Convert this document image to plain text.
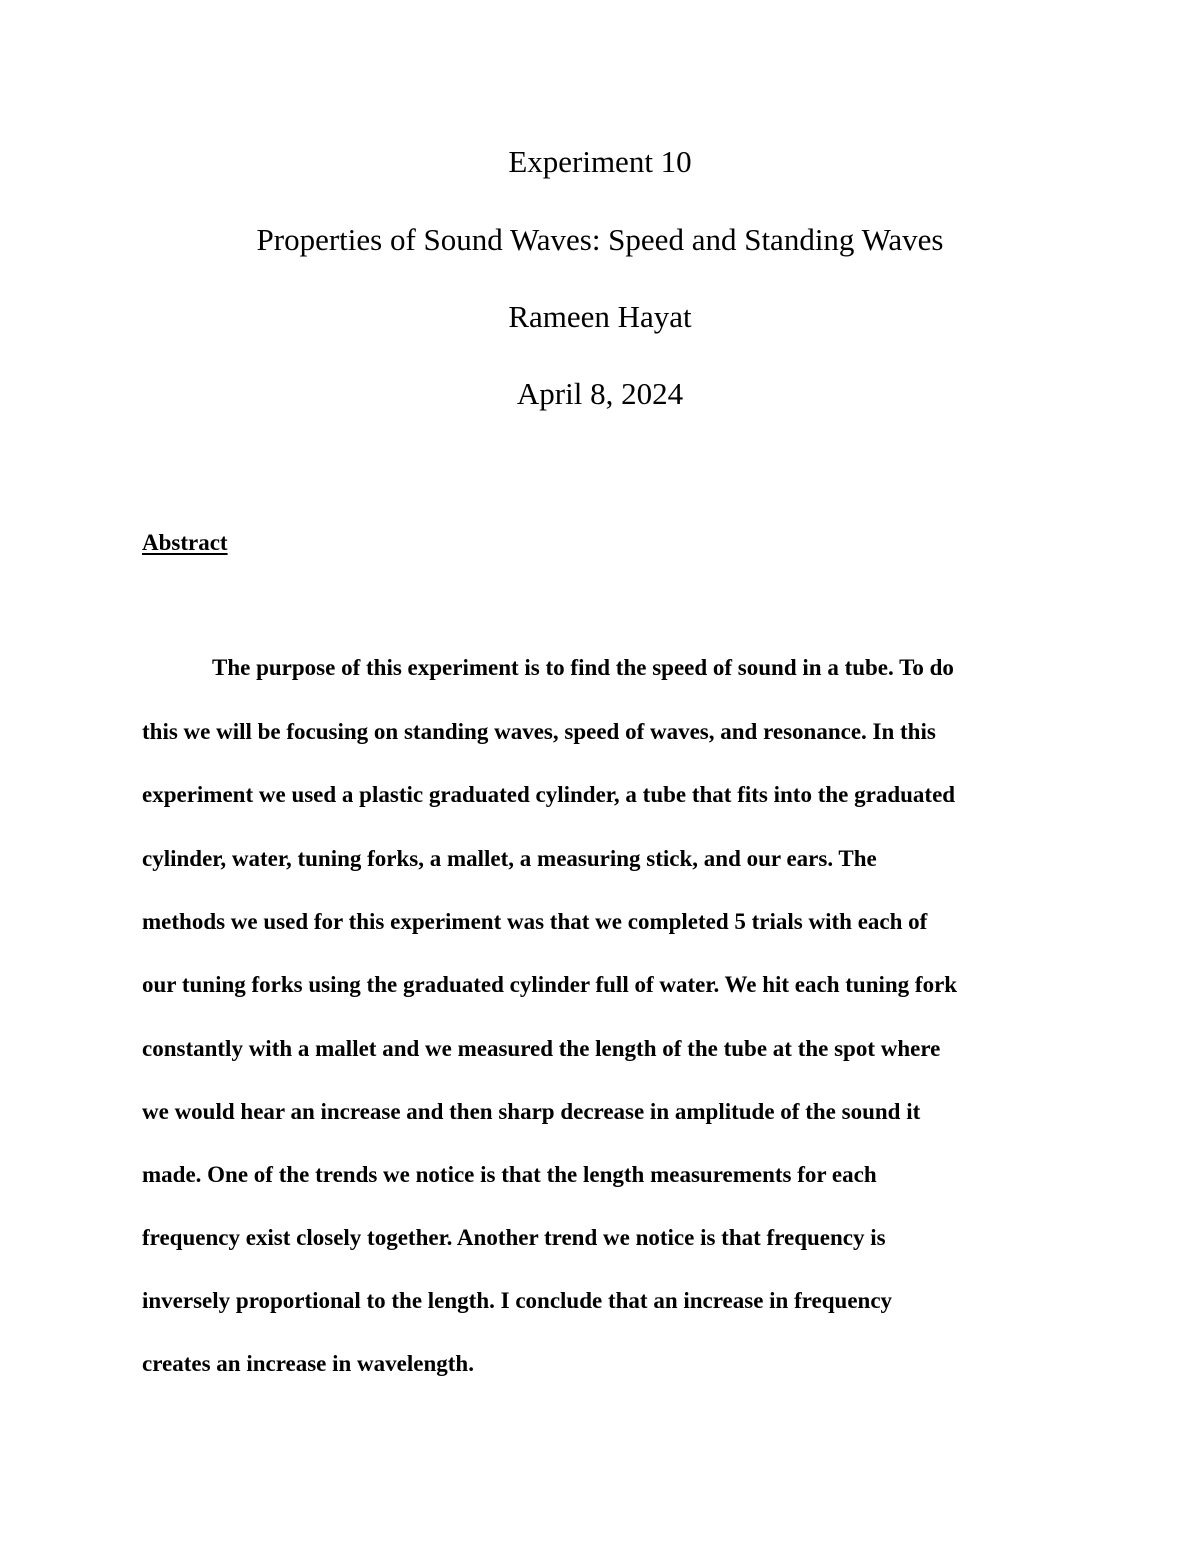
Experiment 10
Properties of Sound Waves: Speed and Standing Waves
Rameen Hayat
April 8, 2024
Abstract
The purpose of this experiment is to find the speed of sound in a tube. To do
this we will be focusing on standing waves, speed of waves, and resonance. In this
experiment we used a plastic graduated cylinder, a tube that fits into the graduated
cylinder, water, tuning forks, a mallet, a measuring stick, and our ears. The
methods we used for this experiment was that we completed 5 trials with each of
our tuning forks using the graduated cylinder full of water. We hit each tuning fork
constantly with a mallet and we measured the length of the tube at the spot where
we would hear an increase and then sharp decrease in amplitude of the sound it
made. One of the trends we notice is that the length measurements for each
frequency exist closely together. Another trend we notice is that frequency is
inversely proportional to the length. I conclude that an increase in frequency
creates an increase in wavelength.
